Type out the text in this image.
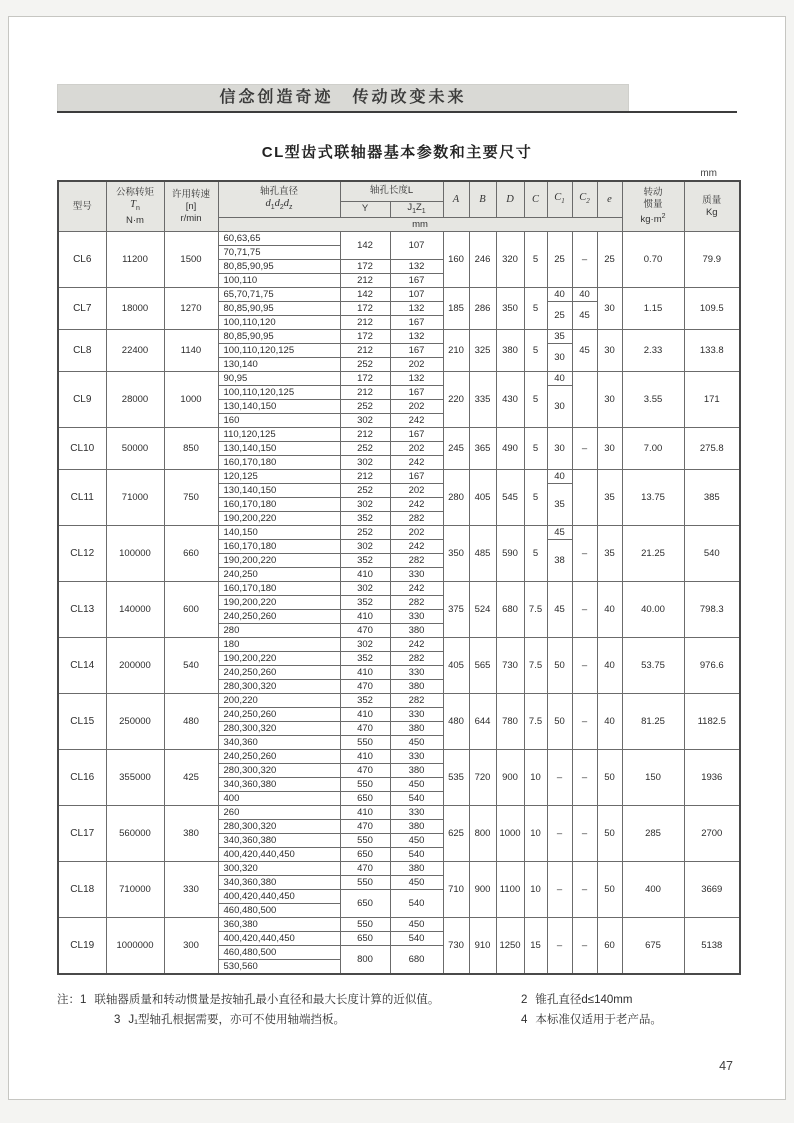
信念创造奇迹　传动改变未来
CL型齿式联轴器基本参数和主要尺寸
mm
型号	公称转矩
$T_n$
N·m	许用转速
[n]
r/min	轴孔直径
$d_1d_2d_z$	轴孔长度L		A	B	D	C	$C_1$	$C_2$	e	转动
惯量
$kg\cdot m^2$	质量
Kg
				Y	$J_1Z_1$
			mm											
CL6	11200	1500	60,63,65	142	107	160	246	320	5	25	–	25	0.70	79.9
			70,71,75											
			80,85,90,95	172	132									
			100,110	212	167									
CL7	18000	1270	65,70,71,75	142	107	185	286	350	5	40	40	30	1.15	109.5
			80,85,90,95	172	132					25	45			
			100,110,120	212	167									
CL8	22400	1140	80,85,90,95	172	132	210	325	380	5	35	45	30	2.33	133.8
			100,110,120,125	212	167					30				
			130,140	252	202									
CL9	28000	1000	90,95	172	132	220	335	430	5	40		30	3.55	171
			100,110,120,125	212	167					30				
			130,140,150	252	202									
			160	302	242									
CL10	50000	850	110,120,125	212	167	245	365	490	5	30	–	30	7.00	275.8
			130,140,150	252	202									
			160,170,180	302	242									
CL11	71000	750	120,125	212	167	280	405	545	5	40		35	13.75	385
			130,140,150	252	202					35				
			160,170,180	302	242									
			190,200,220	352	282									
CL12	100000	660	140,150	252	202	350	485	590	5	45	–	35	21.25	540
			160,170,180	302	242					38				
			190,200,220	352	282									
			240,250	410	330									
CL13	140000	600	160,170,180	302	242	375	524	680	7.5	45	–	40	40.00	798.3
			190,200,220	352	282									
			240,250,260	410	330									
			280	470	380									
CL14	200000	540	180	302	242	405	565	730	7.5	50	–	40	53.75	976.6
			190,200,220	352	282									
			240,250,260	410	330									
			280,300,320	470	380									
CL15	250000	480	200,220	352	282	480	644	780	7.5	50	–	40	81.25	1182.5
			240,250,260	410	330									
			280,300,320	470	380									
			340,360	550	450									
CL16	355000	425	240,250,260	410	330	535	720	900	10	–	–	50	150	1936
			280,300,320	470	380									
			340,360,380	550	450									
			400	650	540									
CL17	560000	380	260	410	330	625	800	1000	10	–	–	50	285	2700
			280,300,320	470	380									
			340,360,380	550	450									
			400,420,440,450	650	540									
CL18	710000	330	300,320	470	380	710	900	1100	10	–	–	50	400	3669
			340,360,380	550	450									
			400,420,440,450	650	540									
			460,480,500											
CL19	1000000	300	360,380	550	450	730	910	1250	15	–	–	60	675	5138
			400,420,440,450	650	540									
			460,480,500	800	680									
			530,560											
注：1 联轴器质量和转动惯量是按轴孔最小直径和最大长度计算的近似值。	2 锥孔直径d≤140mm
3 J₁型轴孔根据需要，亦可不使用轴端挡板。	4 本标准仅适用于老产品。
47
